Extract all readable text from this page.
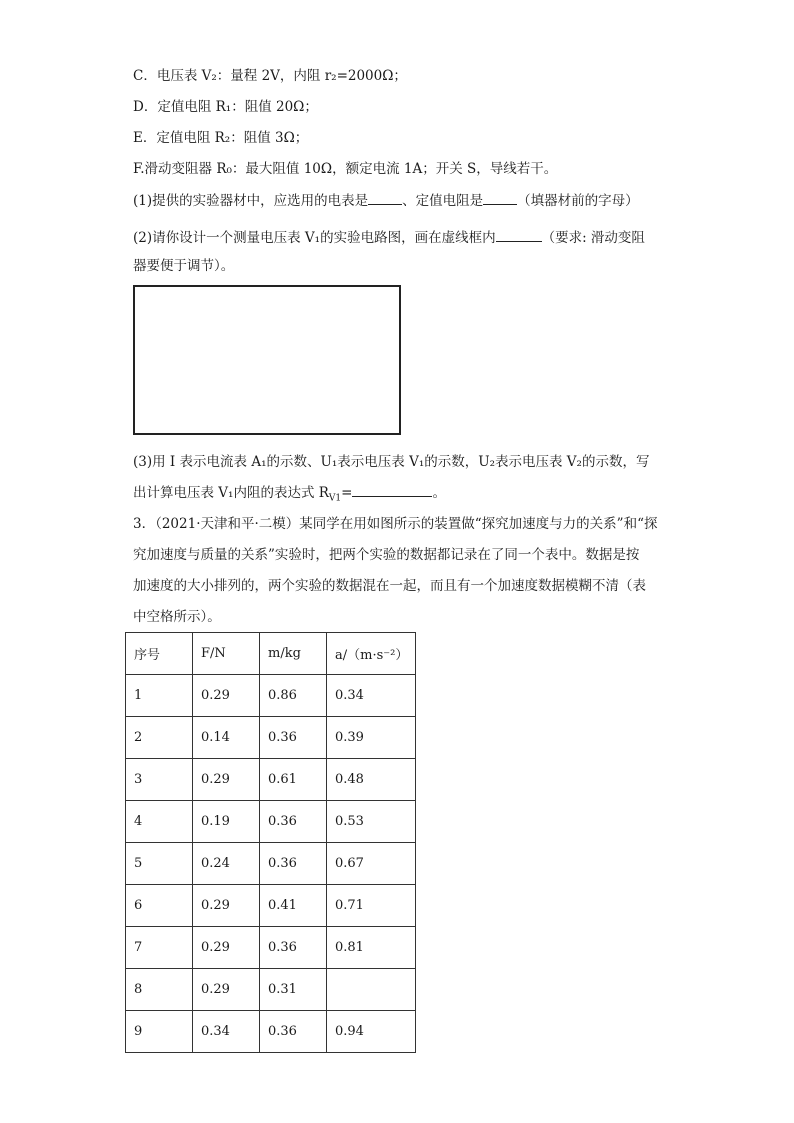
C．电压表 V₂：量程 2V，内阻 r₂=2000Ω；
D．定值电阻 R₁：阻值 20Ω；
E．定值电阻 R₂：阻值 3Ω；
F.滑动变阻器 R₀：最大阻值 10Ω，额定电流 1A；开关 S，导线若干。
(1)提供的实验器材中，应选用的电表是	、定值电阻是	（填器材前的字母）
(2)请你设计一个测量电压表 V₁的实验电路图，画在虚线框内	（要求: 滑动变阻
器要便于调节）。
(3)用 I 表示电流表 A₁的示数、U₁表示电压表 V₁的示数，U₂表示电压表 V₂的示数，写
出计算电压表 V₁内阻的表达式 $R_{V1}=$	。
3．（2021·天津和平·二模）某同学在用如图所示的装置做“探究加速度与力的关系”和“探
究加速度与质量的关系”实验时，把两个实验的数据都记录在了同一个表中。数据是按
加速度的大小排列的，两个实验的数据混在一起，而且有一个加速度数据模糊不清（表
中空格所示）。
序号	F/N	m/kg	a/（m·s⁻²）
1	0.29	0.86	0.34
2	0.14	0.36	0.39
3	0.29	0.61	0.48
4	0.19	0.36	0.53
5	0.24	0.36	0.67
6	0.29	0.41	0.71
7	0.29	0.36	0.81
8	0.29	0.31	
9	0.34	0.36	0.94
